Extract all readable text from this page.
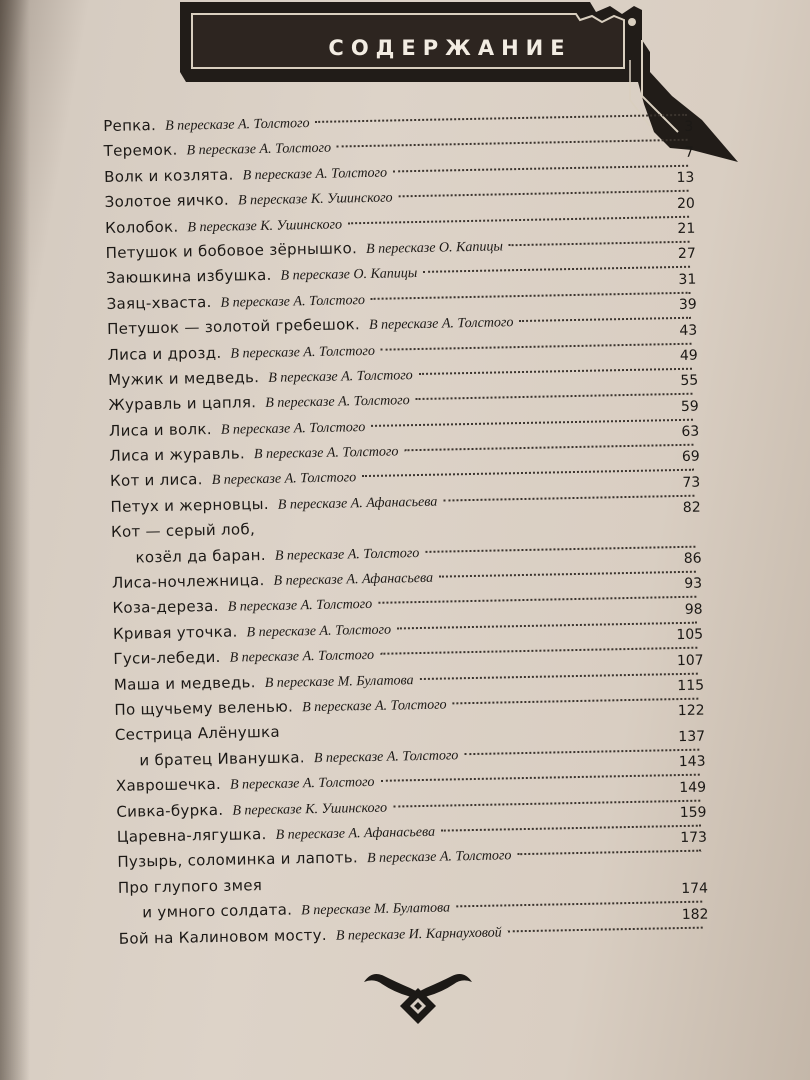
содержание
Репка. В пересказе А. Толстого
Теремок. В пересказе А. Толстого
3
Волк и козлята. В пересказе А. Толстого
7
Золотое яичко. В пересказе К. Ушинского
13
Колобок. В пересказе К. Ушинского
20
Петушок и бобовое зёрнышко. В пересказе О. Капицы
21
Заюшкина избушка. В пересказе О. Капицы
27
Заяц-хваста. В пересказе А. Толстого
31
Петушок — золотой гребешок. В пересказе А. Толстого
39
Лиса и дрозд. В пересказе А. Толстого
43
Мужик и медведь. В пересказе А. Толстого
49
Журавль и цапля. В пересказе А. Толстого
55
Лиса и волк. В пересказе А. Толстого
59
Лиса и журавль. В пересказе А. Толстого
63
Кот и лиса. В пересказе А. Толстого
69
Петух и жерновцы. В пересказе А. Афанасьева
73
Кот — серый лоб,
82
козёл да баран. В пересказе А. Толстого
Лиса-ночлежница. В пересказе А. Афанасьева
86
Коза-дереза. В пересказе А. Толстого
93
Кривая уточка. В пересказе А. Толстого
98
Гуси-лебеди. В пересказе А. Толстого
105
Маша и медведь. В пересказе М. Булатова
107
По щучьему веленью. В пересказе А. Толстого
115
Сестрица Алёнушка
122
и братец Иванушка. В пересказе А. Толстого
137
Хаврошечка. В пересказе А. Толстого
143
Сивка-бурка. В пересказе К. Ушинского
149
Царевна-лягушка. В пересказе А. Афанасьева
159
Пузырь, соломинка и лапоть. В пересказе А. Толстого
173
Про глупого змея
и умного солдата. В пересказе М. Булатова
174
Бой на Калиновом мосту. В пересказе И. Карнауховой
182
